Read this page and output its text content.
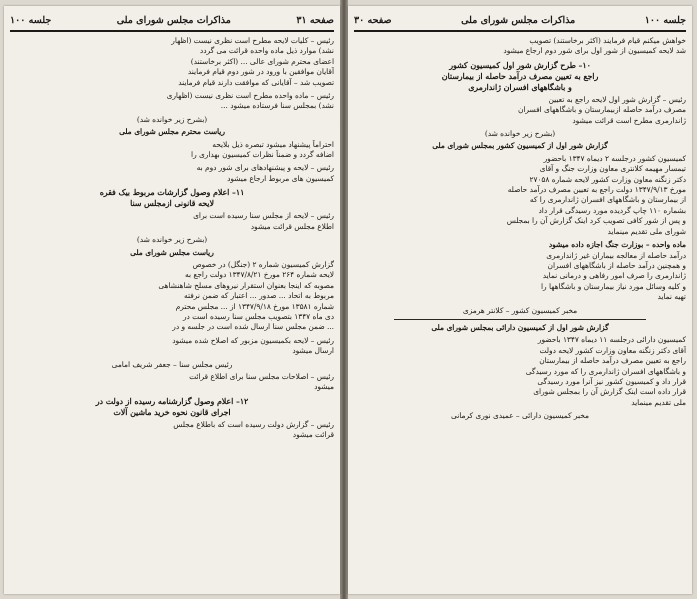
صفحه ۳۱
مذاکرات مجلس شورای ملی
جلسه ۱۰۰
رئیس – کلیات لایحه مطرح است نظری نیست (اظهار
نشد) موارد ذیل ماده واحده قرائت می گردد
اعضای محترم شورای عالی ... (اکثر برخاستند)
آقایان موافقین با ورود در شور دوم قیام فرمایند
تصویب شد – آقایانی که موافقت دارند قیام فرمایند
رئیس – ماده واحده مطرح است نظری نیست (اظهاری
نشد) بمجلس سنا فرستاده میشود ...
(بشرح زیر خوانده شد)
ریاست محترم مجلس شورای ملی
احتراماً پیشنهاد میشود تبصره ذیل بلایحه
اضافه گردد و ضمناً نظرات کمیسیون بهداری را
رئیس – لایحه و پیشنهادهای برای شور دوم به
کمیسیون های مربوط ارجاع میشود
۱۱– اعلام وصول گزارشات مربوط بیک فقره
لایحه قانونی ازمجلس سنا
رئیس – لایحه از مجلس سنا رسیده است برای
اطلاع مجلس قرائت میشود
(بشرح زیر خوانده شد)
ریاست مجلس شورای ملی
گزارش کمیسیون شماره ۲ (جنگل) در خصوص
لایحه شماره ۲۶۴ مورخ ۱۳۴۷/۸/۲۱ دولت راجع به
مصوبه که اینجا بعنوان استقرار نیروهای مسلح شاهنشاهی
مربوط به اتحاد ... صدور ... اعتبار که ضمن نرفته
شماره ۱۳۵۸۱ مورخ ۱۳۴۷/۹/۱۸ از ... مجلس محترم
دی ماه ۱۳۴۷ بتصویب مجلس سنا رسیده است در
... ضمن مجلس سنا ارسال شده است در جلسه و در
رئیس – لایحه بکمیسیون مزبور که اصلاح شده میشود
ارسال میشود
رئیس مجلس سنا – جعفر شریف امامی
رئیس – اصلاحات مجلس سنا برای اطلاع قرائت
میشود
۱۲– اعلام وصول گزارشنامه رسیده از دولت در
اجرای قانون نحوه خرید ماشین آلات
رئیس – گزارش دولت رسیده است که باطلاع مجلس
قرائت میشود
جلسه ۱۰۰
مذاکرات مجلس شورای ملی
صفحه ۳۰
خواهش میکنم قیام فرمایند (اکثر برخاستند) تصویب
شد لایحه کمیسیون از شور اول برای شور دوم ارجاع میشود
۱۰– طرح گزارش شور اول کمیسیون کشور
راجع به تعیین مصرف درآمد حاصله از بیمارستان
و باشگاههای افسران ژاندارمری
رئیس – گزارش شور اول لایحه راجع به تعیین
مصرف درآمد حاصله ازبیمارستان و باشگاههای افسران
ژاندارمری مطرح است قرائت میشود
(بشرح زیر خوانده شد)
گزارش شور اول از کمیسیون کشور بمجلس شورای ملی
کمیسیون کشور درجلسه ۲ دیماه ۱۳۴۷ باحضور
تیمسار مهیمه کلانتری معاون وزارت جنگ و آقای
دکتر زنگنه معاون وزارت کشور لایحه شماره ۲۷۰۵۸
مورخ ۱۳۴۷/۹/۱۳ دولت راجع به تعیین مصرف درآمد حاصله
از بیمارستان و باشگاههای افسران ژاندارمری را که
بشماره ۱۱۰ چاپ گردیده مورد رسیدگی قرار داد
و پس از شور کافی تصویب کرد اینک گزارش آن را بمجلس
شورای ملی تقدیم مینماید
ماده واحده – بوزارت جنگ اجازه داده میشود
درآمد حاصله از معالجه بیماران غیر ژاندارمری
و همچنین درآمد حاصله از باشگاههای افسران
ژاندارمری را صرف امور رفاهی و درمانی نماید
و کلیه وسائل مورد نیاز بیمارستان و باشگاهها را
تهیه نماید
مخبر کمیسیون کشور – کلانتر هرمزی
گزارش شور اول از کمیسیون دارائی بمجلس شورای ملی
کمیسیون دارائی درجلسه ۱۱ دیماه ۱۳۴۷ باحضور
آقای دکتر زنگنه معاون وزارت کشور لایحه دولت
راجع به تعیین مصرف درآمد حاصله از بیمارستان
و باشگاههای افسران ژاندارمری را که مورد رسیدگی
قرار داد و کمیسیون کشور نیز آنرا مورد رسیدگی
قرار داده است اینک گزارش آن را بمجلس شورای
ملی تقدیم مینماید
مخبر کمیسیون دارائی – عمیدی نوری کرمانی
